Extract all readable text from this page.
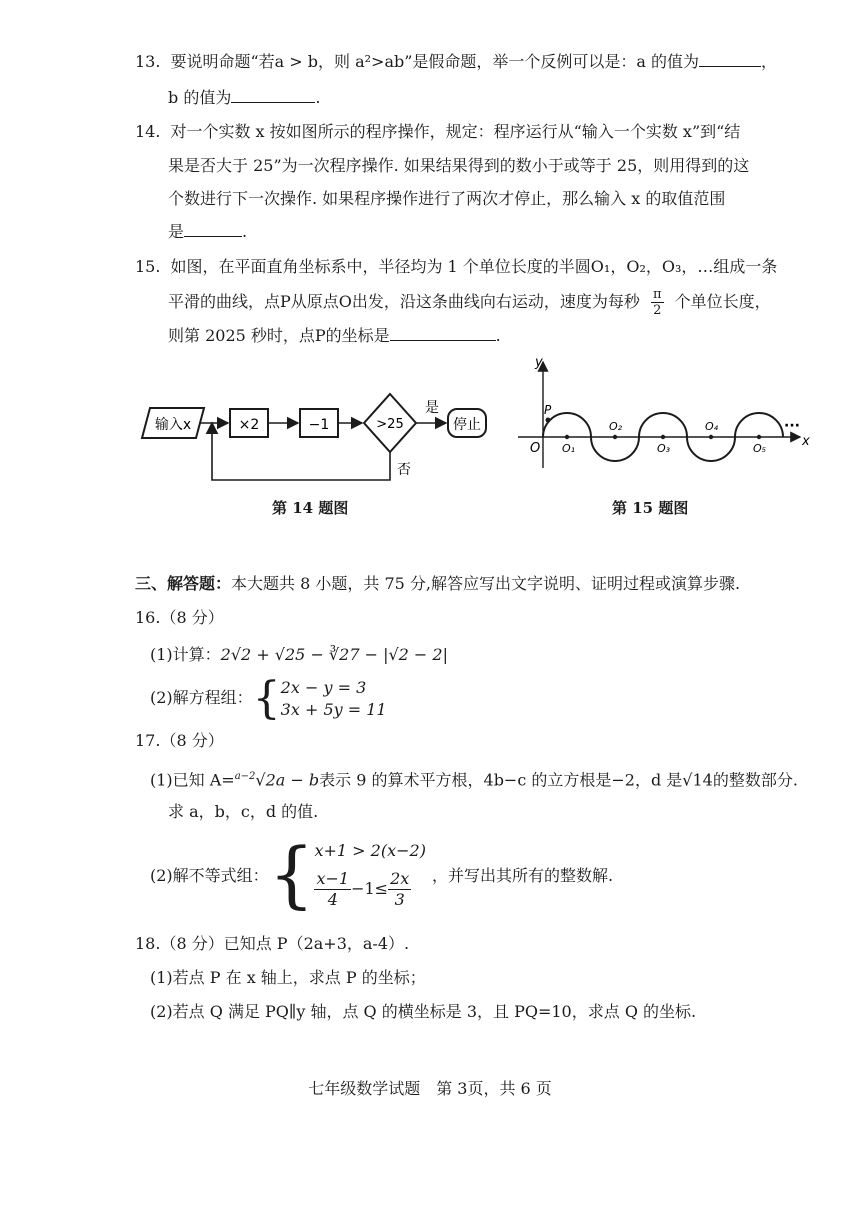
13. 要说明命题“若a > b，则 a²>ab”是假命题，举一个反例可以是：a 的值为	，
b 的值为	.
14. 对一个实数 x 按如图所示的程序操作，规定：程序运行从“输入一个实数 x”到“结
果是否大于 25”为一次程序操作. 如果结果得到的数小于或等于 25，则用得到的这
个数进行下一次操作. 如果程序操作进行了两次才停止，那么输入 x 的取值范围
是	.
15. 如图，在平面直角坐标系中，半径均为 1 个单位长度的半圆O₁，O₂，O₃，…组成一条
平滑的曲线，点P从原点O出发，沿这条曲线向右运动，速度为每秒 $\frac{\pi}{2}$ 个单位长度，
则第 2025 秒时，点P的坐标是	.
输入x	×2	−1	>25
是
停止
否
第 14 题图
y
x
O
P
O₁
O₂
O₃
O₄
O₅
···
第 15 题图
三、解答题：本大题共 8 小题，共 75 分,解答应写出文字说明、证明过程或演算步骤.
16.（8 分）
(1)计算：2√2 + √25 − ∛27 − |√2 − 2|
(2)解方程组：{ 2x − y = 3
3x + 5y = 11
17.（8 分）
(1)已知 A=$^{a-2}$√2a − b表示 9 的算术平方根，4b−c 的立方根是−2，d 是√14的整数部分.
求 a，b，c，d 的值.
(2)解不等式组：{ x+1 > 2(x−2)
$\frac{x-1}{4} -1\le \frac{2x}{3}$ ，并写出其所有的整数解.
18.（8 分）已知点 P（2a+3，a-4）.
(1)若点 P 在 x 轴上，求点 P 的坐标；
(2)若点 Q 满足 PQ∥y 轴，点 Q 的横坐标是 3，且 PQ=10，求点 Q 的坐标.
七年级数学试题　第 3页，共 6 页
